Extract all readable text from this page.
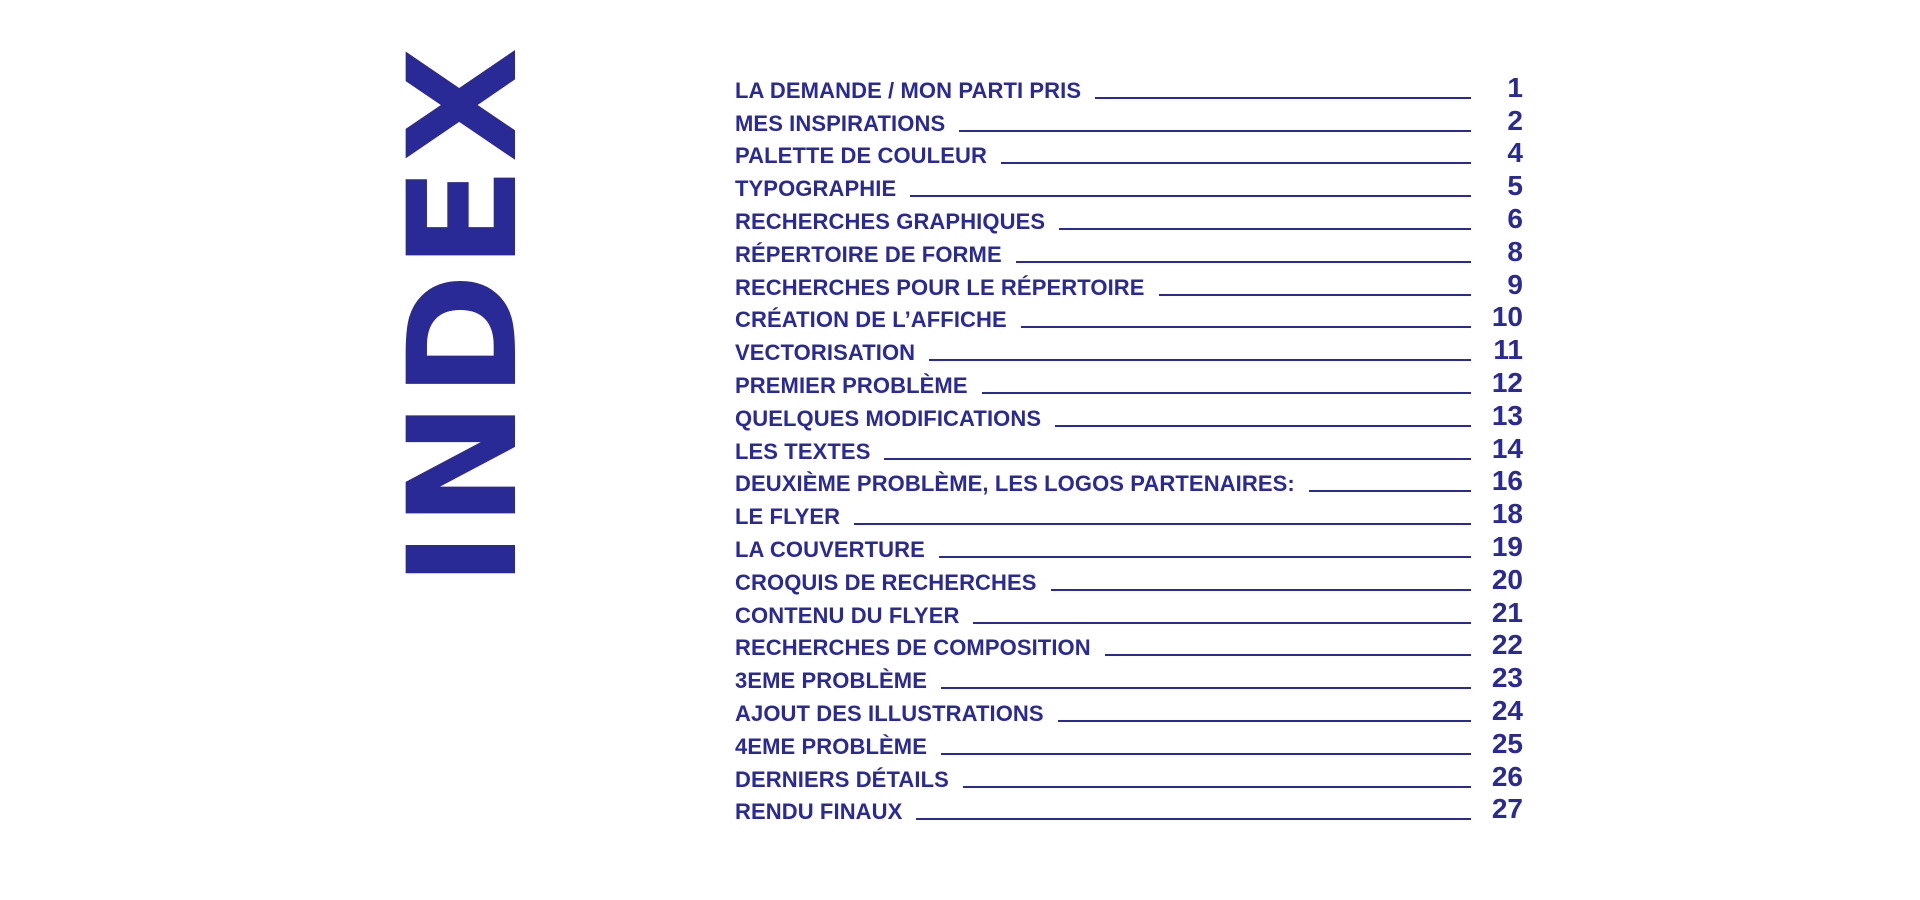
INDEX	LA DEMANDE / MON PARTI PRIS	1
MES INSPIRATIONS	2
PALETTE DE COULEUR	4
TYPOGRAPHIE	5
RECHERCHES GRAPHIQUES	6
RÉPERTOIRE DE FORME	8
RECHERCHES POUR LE RÉPERTOIRE	9
CRÉATION DE L’AFFICHE	10
VECTORISATION	11
PREMIER PROBLÈME	12
QUELQUES MODIFICATIONS	13
LES TEXTES	14
DEUXIÈME PROBLÈME, LES LOGOS PARTENAIRES:	16
LE FLYER	18
LA COUVERTURE	19
CROQUIS DE RECHERCHES	20
CONTENU DU FLYER	21
RECHERCHES DE COMPOSITION	22
3EME PROBLÈME	23
AJOUT DES ILLUSTRATIONS	24
4EME PROBLÈME	25
DERNIERS DÉTAILS	26
RENDU FINAUX	27
